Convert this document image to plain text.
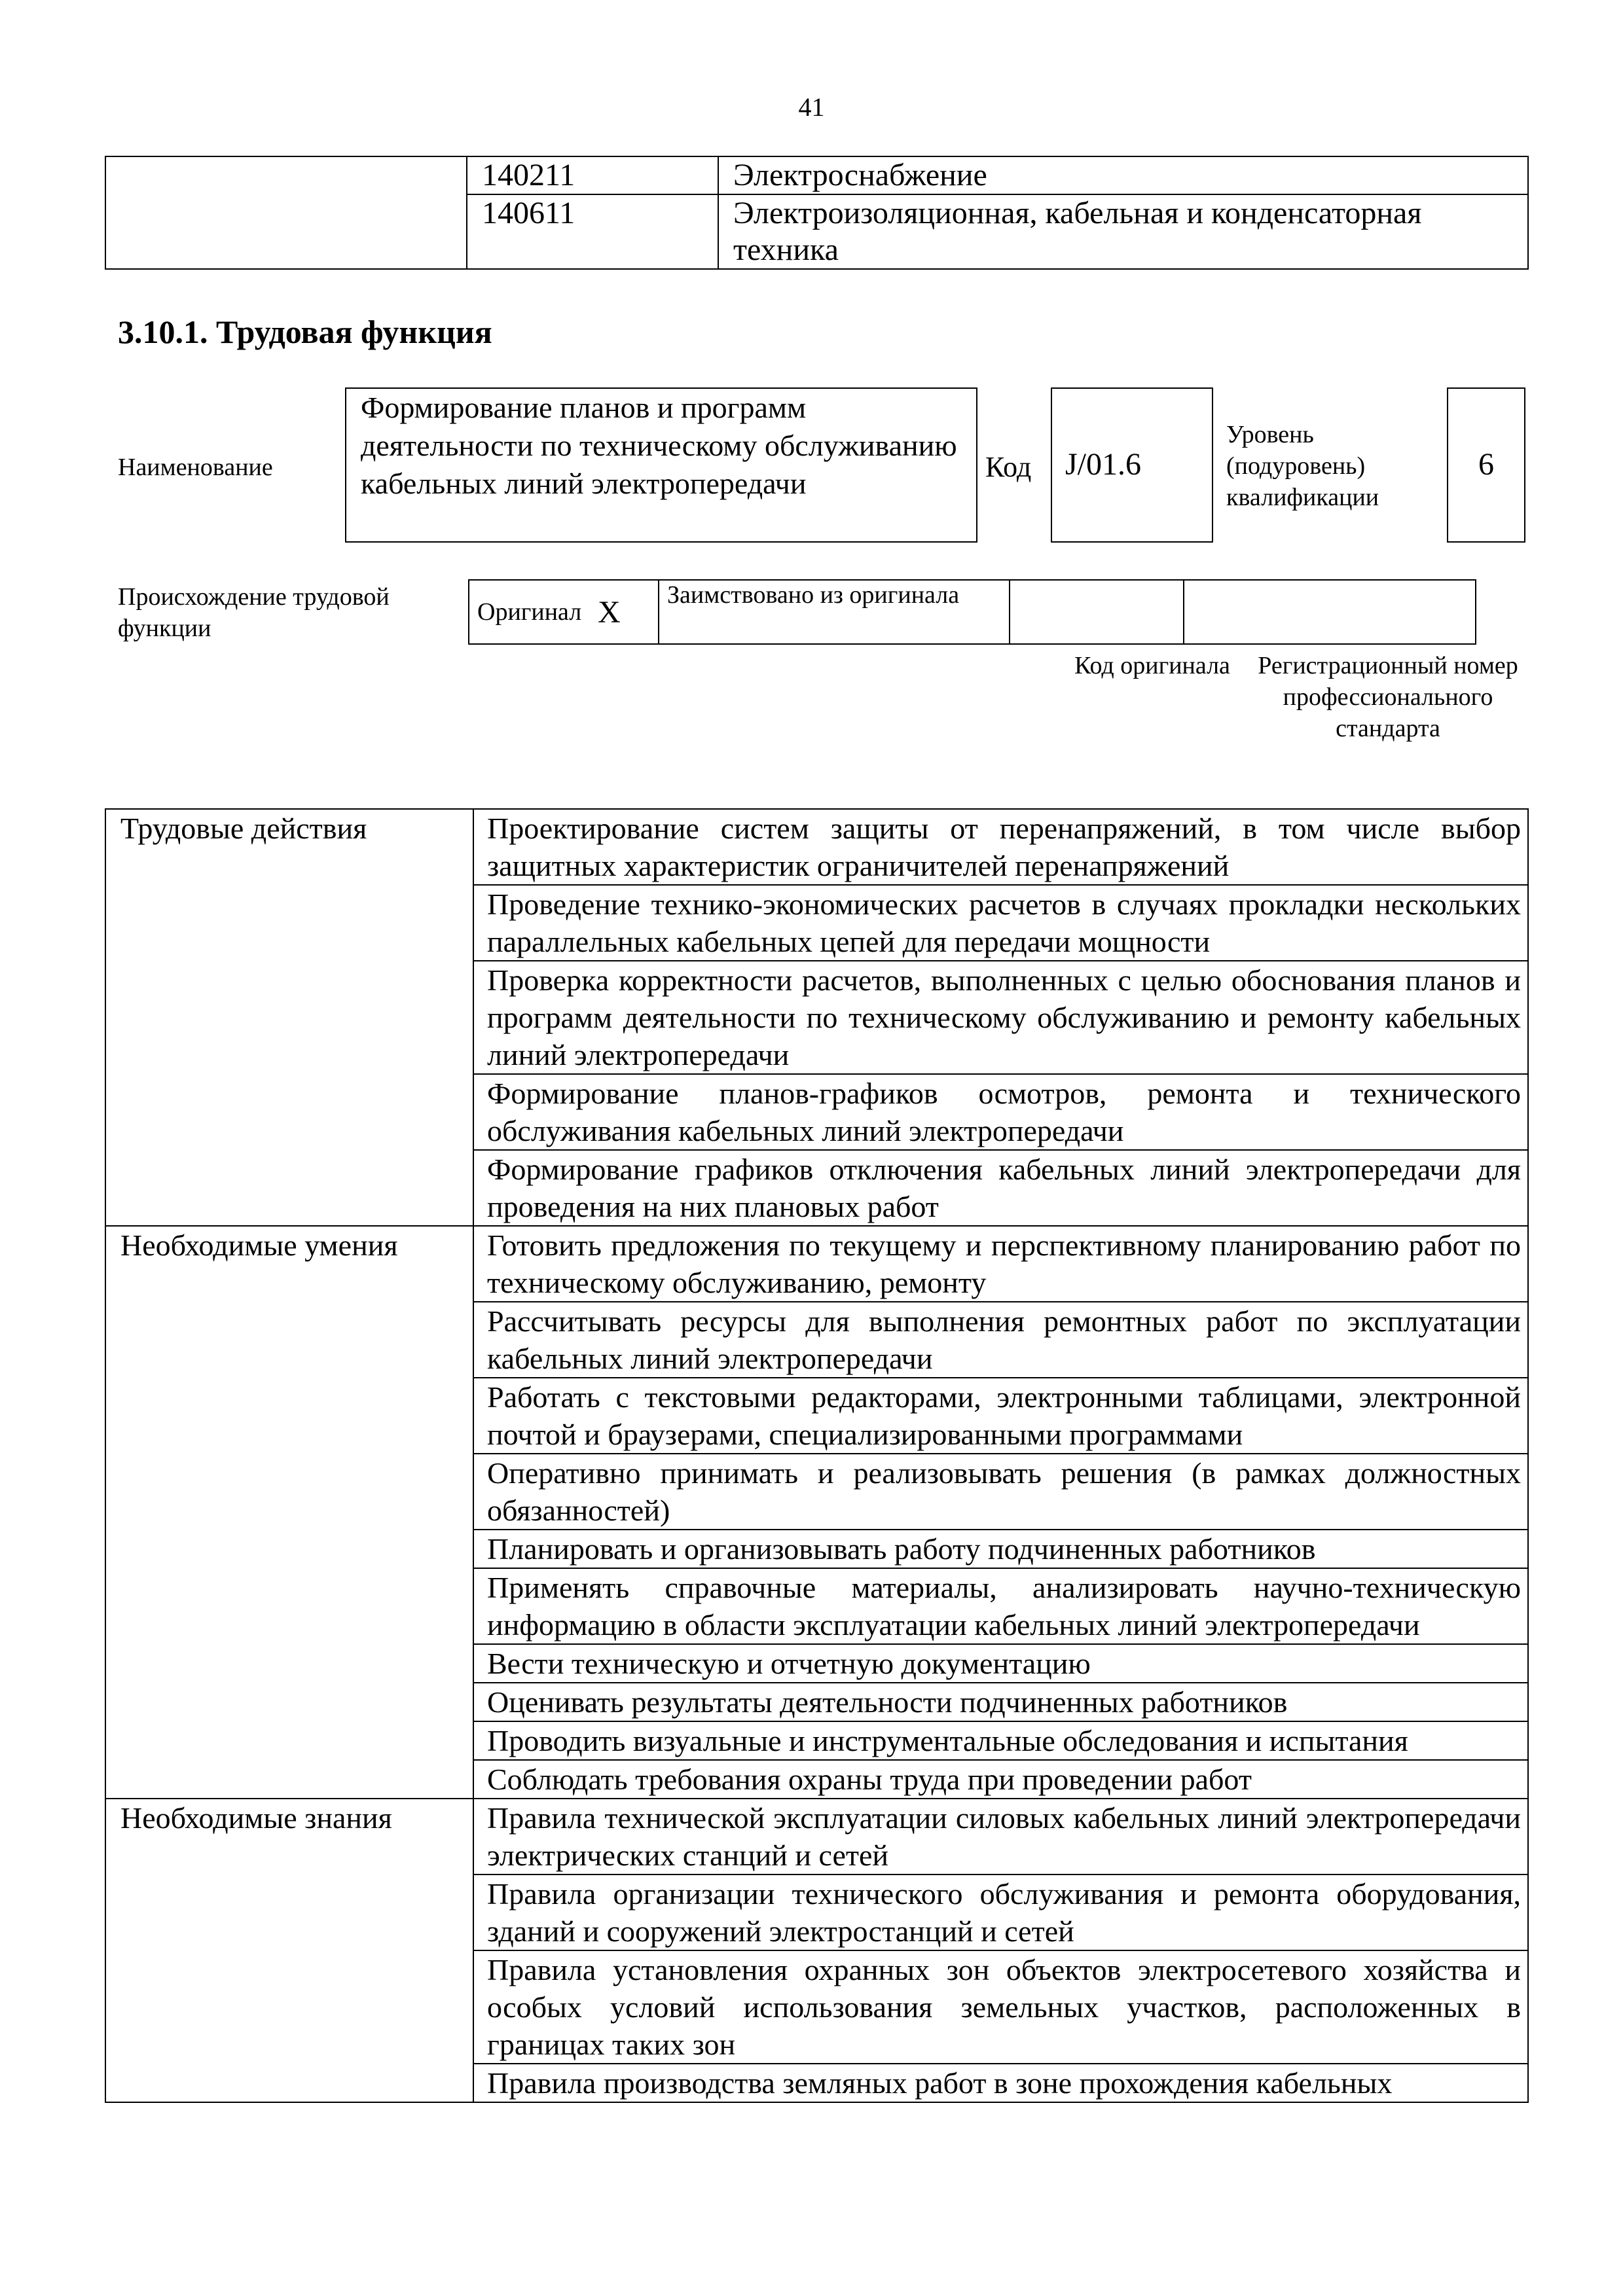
41
	140211	Электроснабжение
	140611	Электроизоляционная, кабельная и конденсаторная техника
3.10.1. Трудовая функция
Наименование
Формирование планов и программ деятельности по техническому обслуживанию кабельных линий электропередачи	Код	J/01.6
Уровень (подуровень) квалификации
6
Происхождение трудовой функции
Оригинал	X	Заимствовано из оригинала		
Код оригинала	Регистрационный номер профессионального стандарта
Трудовые действия	Проектирование систем защиты от перенапряжений, в том числе выбор защитных характеристик ограничителей перенапряжений
	Проведение технико-экономических расчетов в случаях прокладки нескольких параллельных кабельных цепей для передачи мощности
	Проверка корректности расчетов, выполненных с целью обоснования планов и программ деятельности по техническому обслуживанию и ремонту кабельных линий электропередачи
	Формирование планов-графиков осмотров, ремонта и технического обслуживания кабельных линий электропередачи
	Формирование графиков отключения кабельных линий электропередачи для проведения на них плановых работ
Необходимые умения	Готовить предложения по текущему и перспективному планированию работ по техническому обслуживанию, ремонту
	Рассчитывать ресурсы для выполнения ремонтных работ по эксплуатации кабельных линий электропередачи
	Работать с текстовыми редакторами, электронными таблицами, электронной почтой и браузерами, специализированными программами
	Оперативно принимать и реализовывать решения (в рамках должностных обязанностей)
	Планировать и организовывать работу подчиненных работников
	Применять справочные материалы, анализировать научно-техническую информацию в области эксплуатации кабельных линий электропередачи
	Вести техническую и отчетную документацию
	Оценивать результаты деятельности подчиненных работников
	Проводить визуальные и инструментальные обследования и испытания
	Соблюдать требования охраны труда при проведении работ
Необходимые знания	Правила технической эксплуатации силовых кабельных линий электропередачи электрических станций и сетей
	Правила организации технического обслуживания и ремонта оборудования, зданий и сооружений электростанций и сетей
	Правила установления охранных зон объектов электросетевого хозяйства и особых условий использования земельных участков, расположенных в границах таких зон
	Правила производства земляных работ в зоне прохождения кабельных
